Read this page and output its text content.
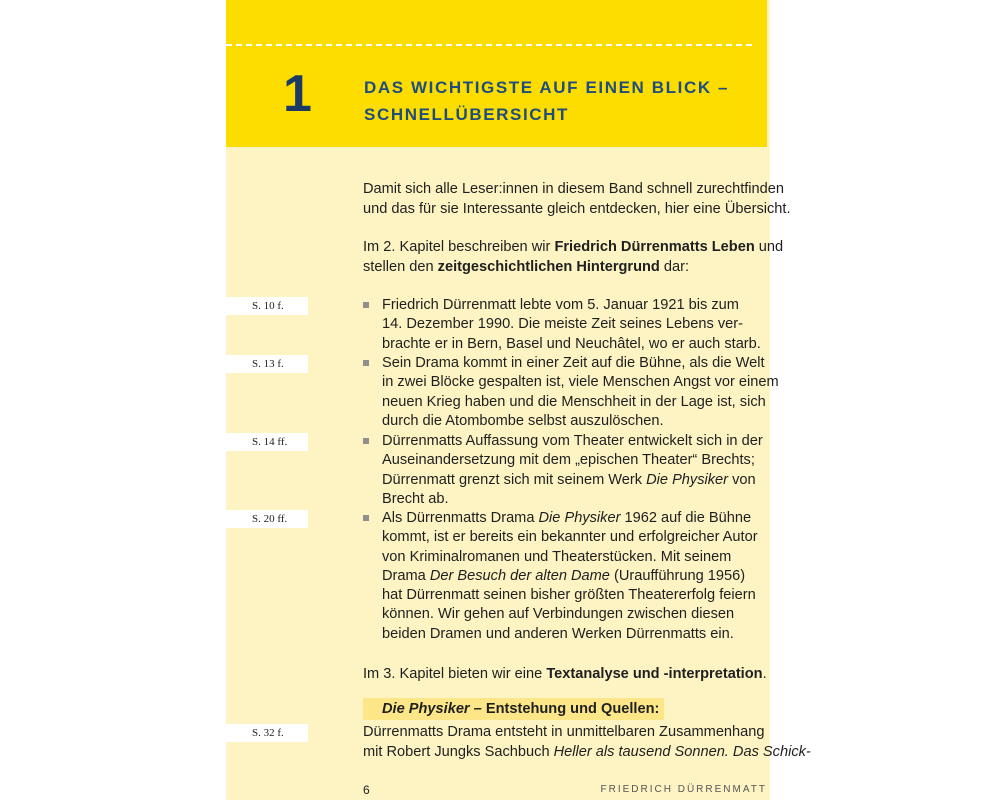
1	DAS WICHTIGSTE AUF EINEN BLICK –
SCHNELLÜBERSICHT
Damit sich alle Leser:innen in diesem Band schnell zurechtfinden
und das für sie Interessante gleich entdecken, hier eine Übersicht.
Im 2. Kapitel beschreiben wir Friedrich Dürrenmatts Leben und
stellen den zeitgeschichtlichen Hintergrund dar:
Friedrich Dürrenmatt lebte vom 5. Januar 1921 bis zum
14. Dezember 1990. Die meiste Zeit seines Lebens ver-
brachte er in Bern, Basel und Neuchâtel, wo er auch starb.
Sein Drama kommt in einer Zeit auf die Bühne, als die Welt
in zwei Blöcke gespalten ist, viele Menschen Angst vor einem
neuen Krieg haben und die Menschheit in der Lage ist, sich
durch die Atombombe selbst auszulöschen.
Dürrenmatts Auffassung vom Theater entwickelt sich in der
Auseinandersetzung mit dem „epischen Theater“ Brechts;
Dürrenmatt grenzt sich mit seinem Werk Die Physiker von
Brecht ab.
Als Dürrenmatts Drama Die Physiker 1962 auf die Bühne
kommt, ist er bereits ein bekannter und erfolgreicher Autor
von Kriminalromanen und Theaterstücken. Mit seinem
Drama Der Besuch der alten Dame (Uraufführung 1956)
hat Dürrenmatt seinen bisher größten Theatererfolg feiern
können. Wir gehen auf Verbindungen zwischen diesen
beiden Dramen und anderen Werken Dürrenmatts ein.
Im 3. Kapitel bieten wir eine Textanalyse und -interpretation.
Die Physiker – Entstehung und Quellen:
Dürrenmatts Drama entsteht in unmittelbaren Zusammenhang
mit Robert Jungks Sachbuch Heller als tausend Sonnen. Das Schick-
6	FRIEDRICH DÜRRENMATT
S. 10 f.
S. 13 f.
S. 14 ff.
S. 20 ff.
S. 32 f.
